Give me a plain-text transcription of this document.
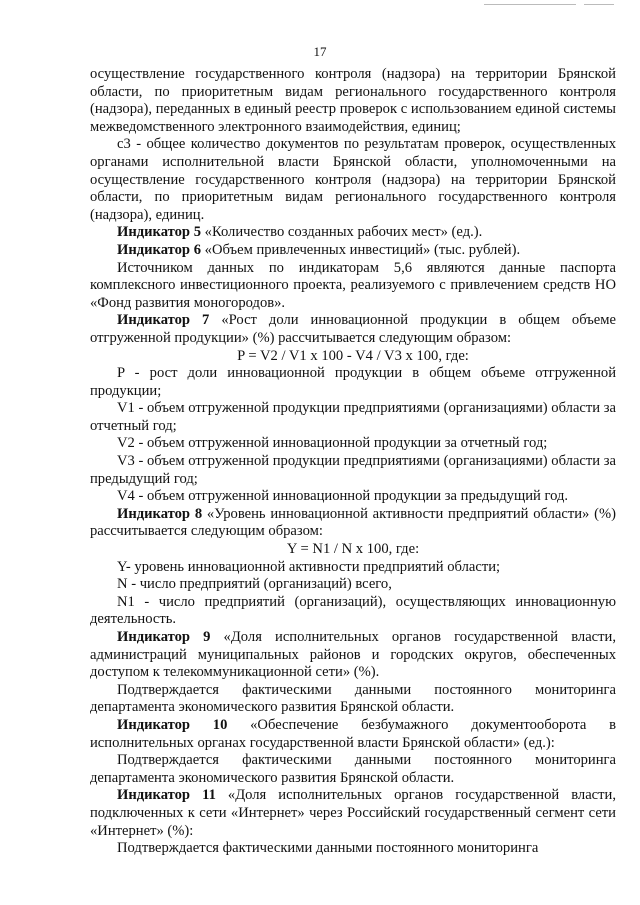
17

осуществление государственного контроля (надзора) на территории Брянской области, по приоритетным видам регионального государственного контроля (надзора), переданных в единый реестр проверок с использованием единой системы межведомственного электронного взаимодействия, единиц;

с3 - общее количество документов по результатам проверок, осуществленных органами исполнительной власти Брянской области, уполномоченными на осуществление государственного контроля (надзора) на территории Брянской области, по приоритетным видам регионального государственного контроля (надзора), единиц.

Индикатор 5 «Количество созданных рабочих мест» (ед.).

Индикатор 6 «Объем привлеченных инвестиций» (тыс. рублей).

Источником данных по индикаторам 5,6 являются данные паспорта комплексного инвестиционного проекта, реализуемого с привлечением средств НО «Фонд развития моногородов».

Индикатор 7 «Рост доли инновационной продукции в общем объеме отгруженной продукции» (%) рассчитывается следующим образом:

P = V2 / V1 x 100 - V4 / V3 x 100, где:

P - рост доли инновационной продукции в общем объеме отгруженной продукции;

V1 - объем отгруженной продукции предприятиями (организациями) области за отчетный год;

V2 - объем отгруженной инновационной продукции за отчетный год;

V3 - объем отгруженной продукции предприятиями (организациями) области за предыдущий год;

V4 - объем отгруженной инновационной продукции за предыдущий год.

Индикатор 8 «Уровень инновационной активности предприятий области» (%) рассчитывается следующим образом:

Y = N1 / N x 100, где:

Y- уровень инновационной активности предприятий области;

N - число предприятий (организаций) всего,

N1 - число предприятий (организаций), осуществляющих инновационную деятельность.

Индикатор 9 «Доля исполнительных органов государственной власти, администраций муниципальных районов и городских округов, обеспеченных доступом к телекоммуникационной сети» (%).

Подтверждается фактическими данными постоянного мониторинга департамента экономического развития Брянской области.

Индикатор 10 «Обеспечение безбумажного документооборота в исполнительных органах государственной власти Брянской области» (ед.):

Подтверждается фактическими данными постоянного мониторинга департамента экономического развития Брянской области.

Индикатор 11 «Доля исполнительных органов государственной власти, подключенных к сети «Интернет» через Российский государственный сегмент сети «Интернет» (%):

Подтверждается фактическими данными постоянного мониторинга
